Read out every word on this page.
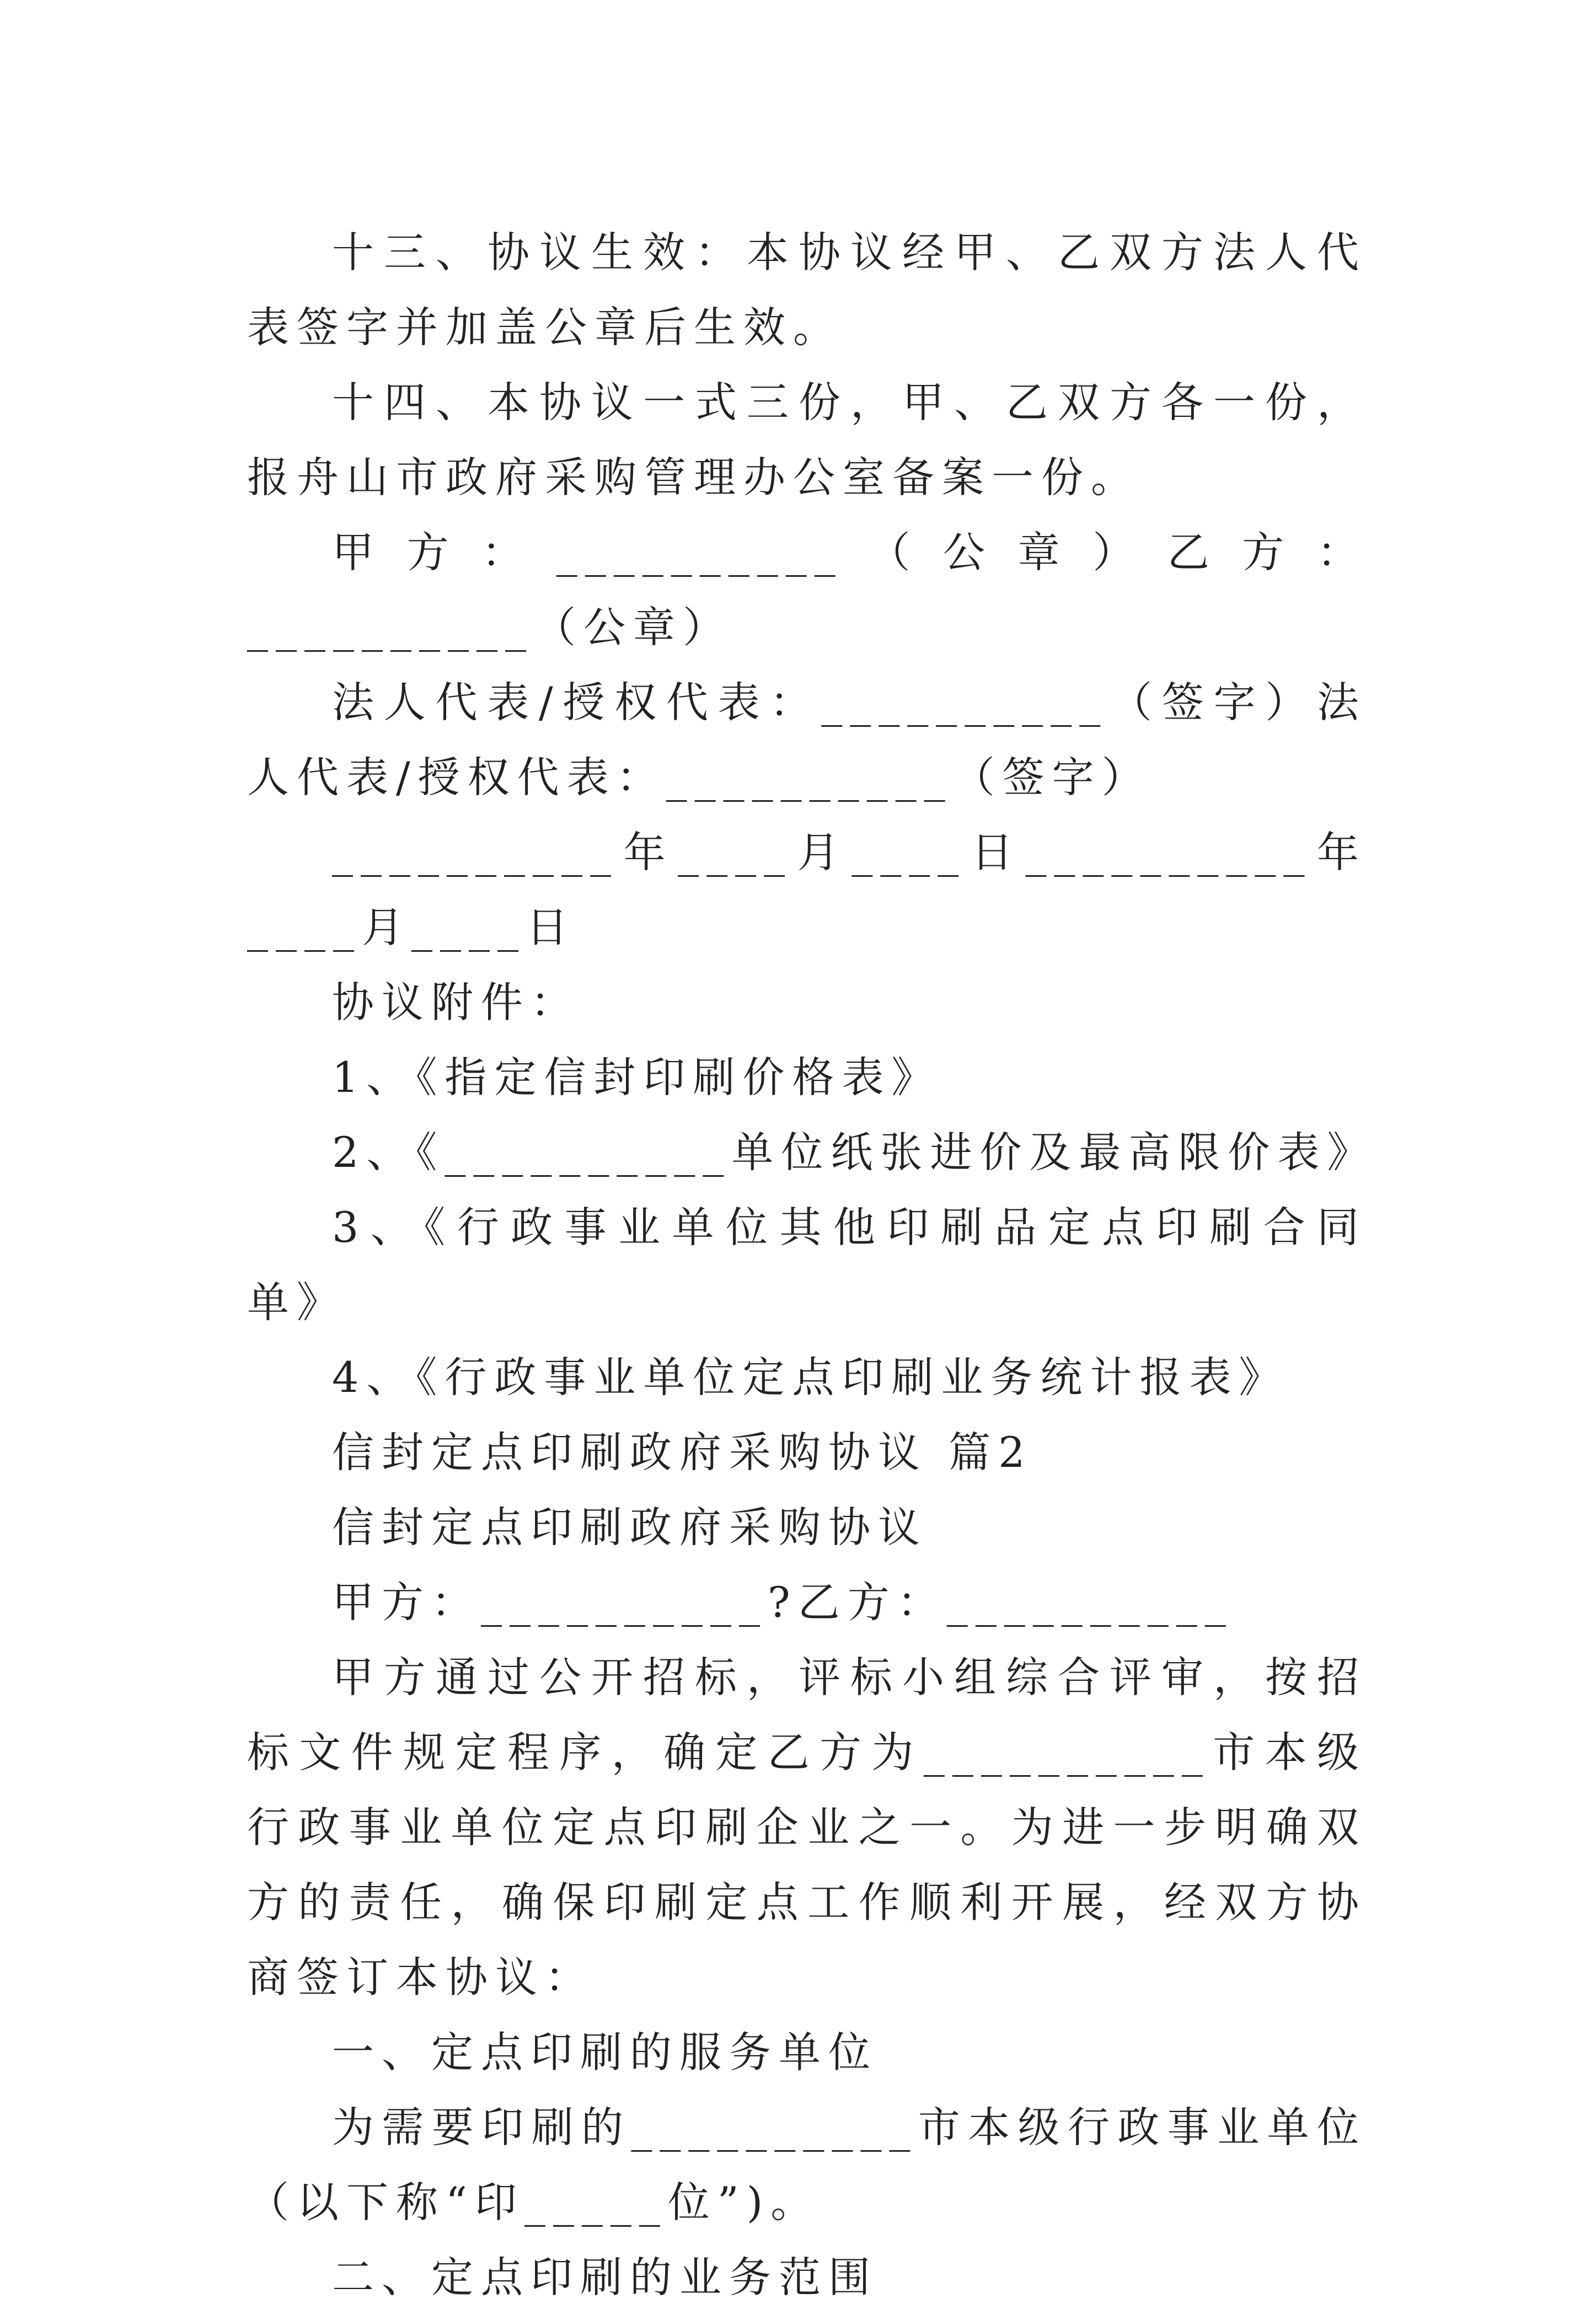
十三、协议生效：本协议经甲、乙双方法人代表签字并加盖公章后生效。

十四、本协议一式三份，甲、乙双方各一份，报舟山市政府采购管理办公室备案一份。

甲方：__________（公章）乙方：__________（公章）

法人代表/授权代表：__________（签字）法人代表/授权代表：__________（签字）

__________年____月____日__________年____月____日

协议附件：

1、《指定信封印刷价格表》

2、《__________单位纸张进价及最高限价表》

3、《行政事业单位其他印刷品定点印刷合同单》

4、《行政事业单位定点印刷业务统计报表》

信封定点印刷政府采购协议 篇2

信封定点印刷政府采购协议

甲方：__________?乙方：__________

甲方通过公开招标，评标小组综合评审，按招标文件规定程序，确定乙方为__________市本级行政事业单位定点印刷企业之一。为进一步明确双方的责任，确保印刷定点工作顺利开展，经双方协商签订本协议：

一、定点印刷的服务单位

为需要印刷的__________市本级行政事业单位（以下称“印_____位”)。

二、定点印刷的业务范围
